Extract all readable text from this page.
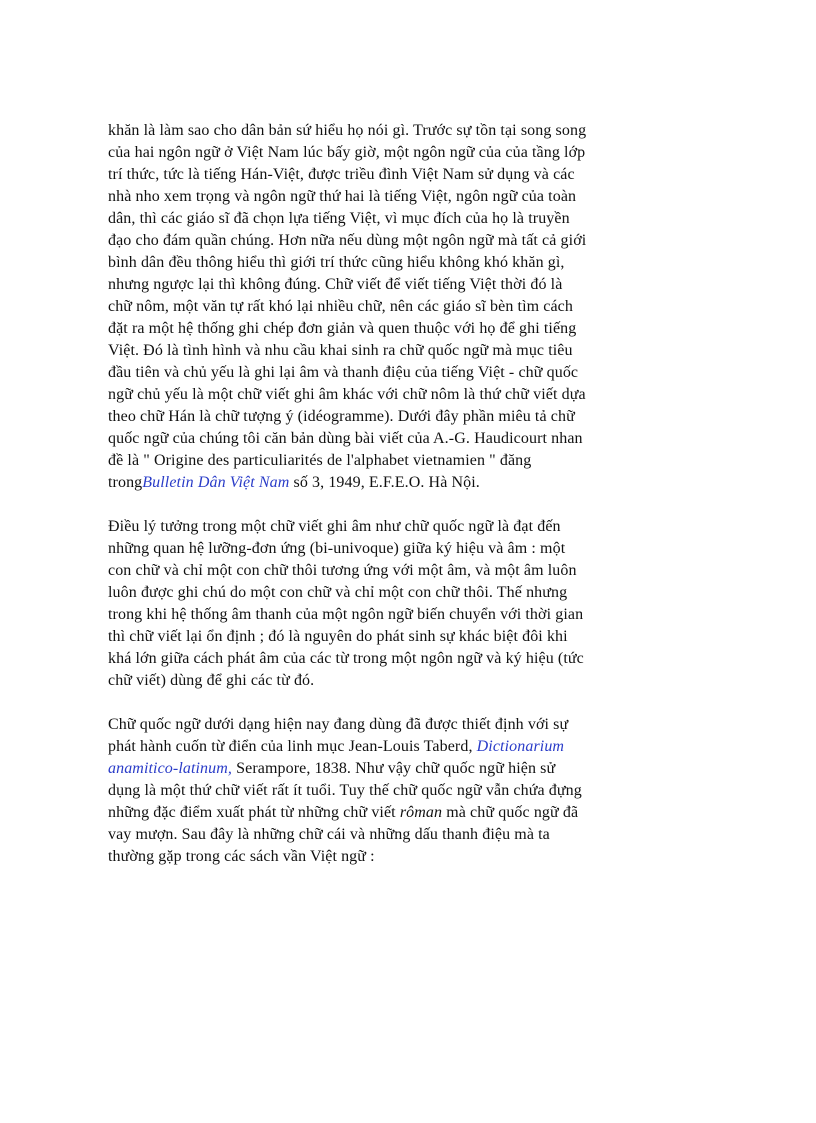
khăn là làm sao cho dân bản sứ hiểu họ nói gì. Trước sự tồn tại song song của hai ngôn ngữ ở Việt Nam lúc bấy giờ, một ngôn ngữ của của tầng lớp trí thức, tức là tiếng Hán-Việt, được triều đình Việt Nam sử dụng và các nhà nho xem trọng và ngôn ngữ thứ hai là tiếng Việt, ngôn ngữ của toàn dân, thì các giáo sĩ đã chọn lựa tiếng Việt, vì mục đích của họ là truyền đạo cho đám quần chúng. Hơn nữa nếu dùng một ngôn ngữ mà tất cả giới bình dân đều thông hiểu thì giới trí thức cũng hiểu không khó khăn gì, nhưng ngược lại thì không đúng. Chữ viết để viết tiếng Việt thời đó là chữ nôm, một văn tự rất khó lại nhiều chữ, nên các giáo sĩ bèn tìm cách đặt ra một hệ thống ghi chép đơn giản và quen thuộc với họ để ghi tiếng Việt. Đó là tình hình và nhu cầu khai sinh ra chữ quốc ngữ mà mục tiêu đầu tiên và chủ yếu là ghi lại âm và thanh điệu của tiếng Việt - chữ quốc ngữ chủ yếu là một chữ viết ghi âm khác với chữ nôm là thứ chữ viết dựa theo chữ Hán là chữ tượng ý (idéogramme). Dưới đây phần miêu tả chữ quốc ngữ của chúng tôi căn bản dùng bài viết của A.-G. Haudicourt nhan đề là " Origine des particuliarités de l'alphabet vietnamien " đăng trongBulletin Dân Việt Nam số 3, 1949, E.F.E.O. Hà Nội.

Điều lý tưởng trong một chữ viết ghi âm như chữ quốc ngữ là đạt đến những quan hệ lưỡng-đơn ứng (bi-univoque) giữa ký hiệu và âm : một con chữ và chỉ một con chữ thôi tương ứng với một âm, và một âm luôn luôn được ghi chú do một con chữ và chỉ một con chữ thôi. Thế nhưng trong khi hệ thống âm thanh của một ngôn ngữ biến chuyển với thời gian thì chữ viết lại ổn định ; đó là nguyên do phát sinh sự khác biệt đôi khi khá lớn giữa cách phát âm của các từ trong một ngôn ngữ và ký hiệu (tức chữ viết) dùng để ghi các từ đó.

Chữ quốc ngữ dưới dạng hiện nay đang dùng đã được thiết định với sự phát hành cuốn từ điển của linh mục Jean-Louis Taberd, Dictionarium anamitico-latinum, Serampore, 1838. Như vậy chữ quốc ngữ hiện sử dụng là một thứ chữ viết rất ít tuổi. Tuy thế chữ quốc ngữ vẫn chứa đựng những đặc điểm xuất phát từ những chữ viết rôman mà chữ quốc ngữ đã vay mượn. Sau đây là những chữ cái và những dấu thanh điệu mà ta thường gặp trong các sách vần Việt ngữ :
